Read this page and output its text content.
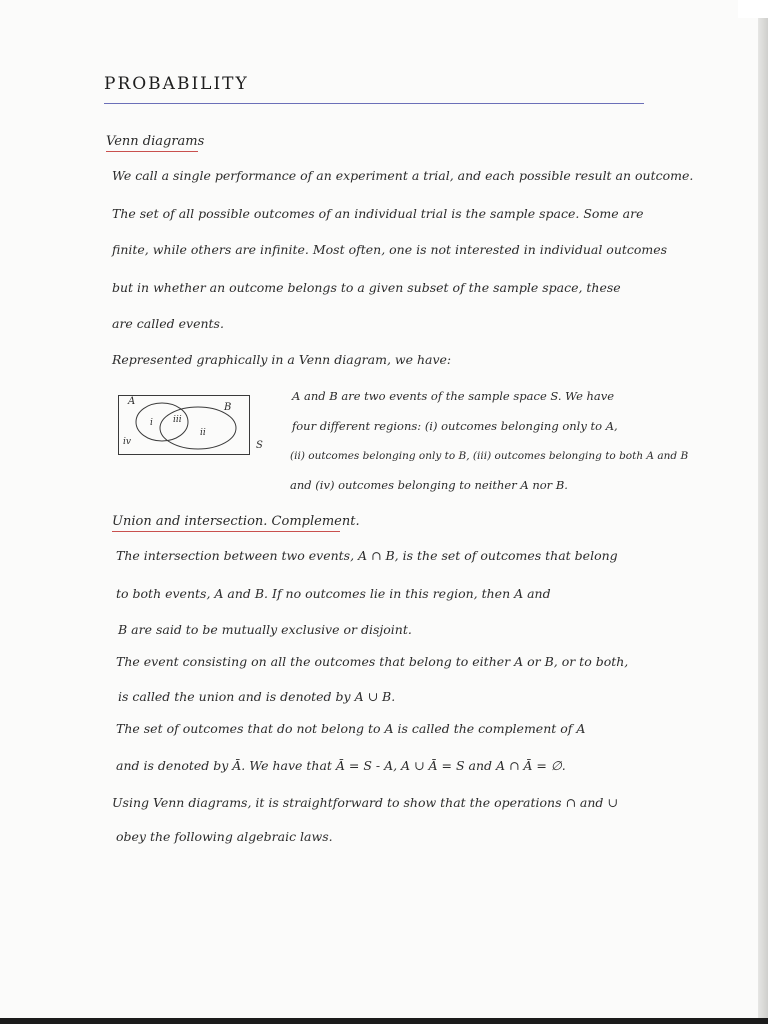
PROBABILITY
Venn diagrams
We call a single performance of an experiment a trial, and each possible result an outcome.
The set of all possible outcomes of an individual trial is the sample space. Some are
finite, while others are infinite. Most often, one is not interested in individual outcomes
but in whether an outcome belongs to a given subset of the sample space, these
are called events.
Represented graphically in a Venn diagram, we have:
A
B
S
i iii
ii
iv
A and B are two events of the sample space S. We have
four different regions: (i) outcomes belonging only to A,
(ii) outcomes belonging only to B, (iii) outcomes belonging to both A and B
and (iv) outcomes belonging to neither A nor B.
Union and intersection. Complement.
The intersection between two events, A ∩ B, is the set of outcomes that belong
to both events, A and B. If no outcomes lie in this region, then A and
B are said to be mutually exclusive or disjoint.
The event consisting on all the outcomes that belong to either A or B, or to both,
is called the union and is denoted by A ∪ B.
The set of outcomes that do not belong to A is called the complement of A
and is denoted by Ā. We have that Ā = S - A, A ∪ Ā = S and A ∩ Ā = ∅.
Using Venn diagrams, it is straightforward to show that the operations ∩ and ∪
obey the following algebraic laws.
